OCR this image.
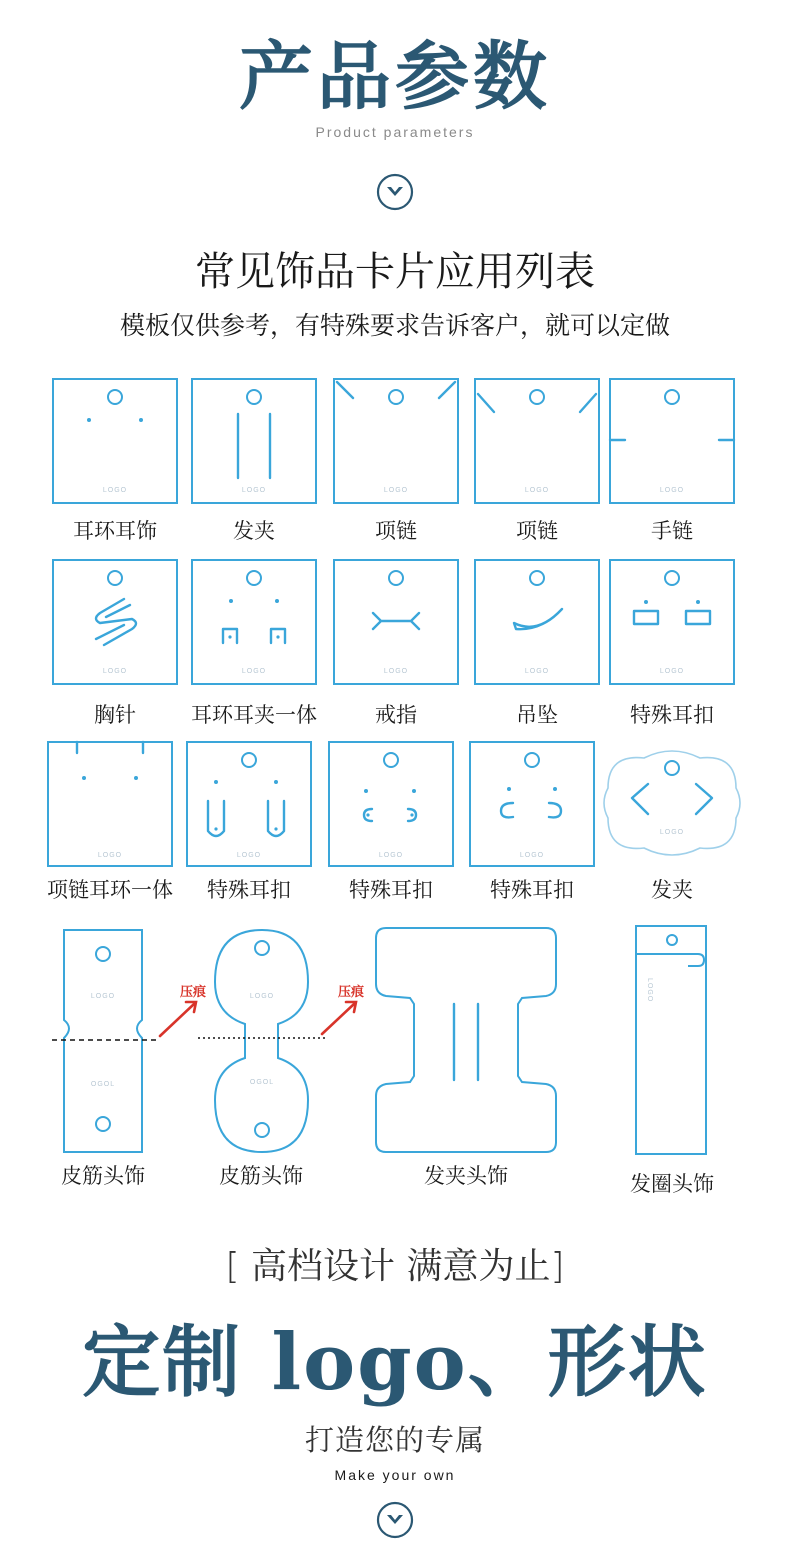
产品参数
Product parameters
常见饰品卡片应用列表
模板仅供参考，有特殊要求告诉客户，就可以定做
LOGO
耳环耳饰
LOGO
发夹
LOGO
项链
LOGO
项链
LOGO
手链
LOGO
胸针
LOGO
耳环耳夹一体
LOGO
戒指
LOGO
吊坠
LOGO
特殊耳扣
LOGO
项链耳环一体
LOGO
特殊耳扣
LOGO
特殊耳扣
LOGO
特殊耳扣
LOGO
发夹
LOGO
OGOL
压痕	LOGO
OGOL
压痕
皮筋头饰	皮筋头饰	发夹头饰
LOGO
发圈头饰
[ 高档设计 满意为止]
定制 logo、形状
打造您的专属
Make your own
